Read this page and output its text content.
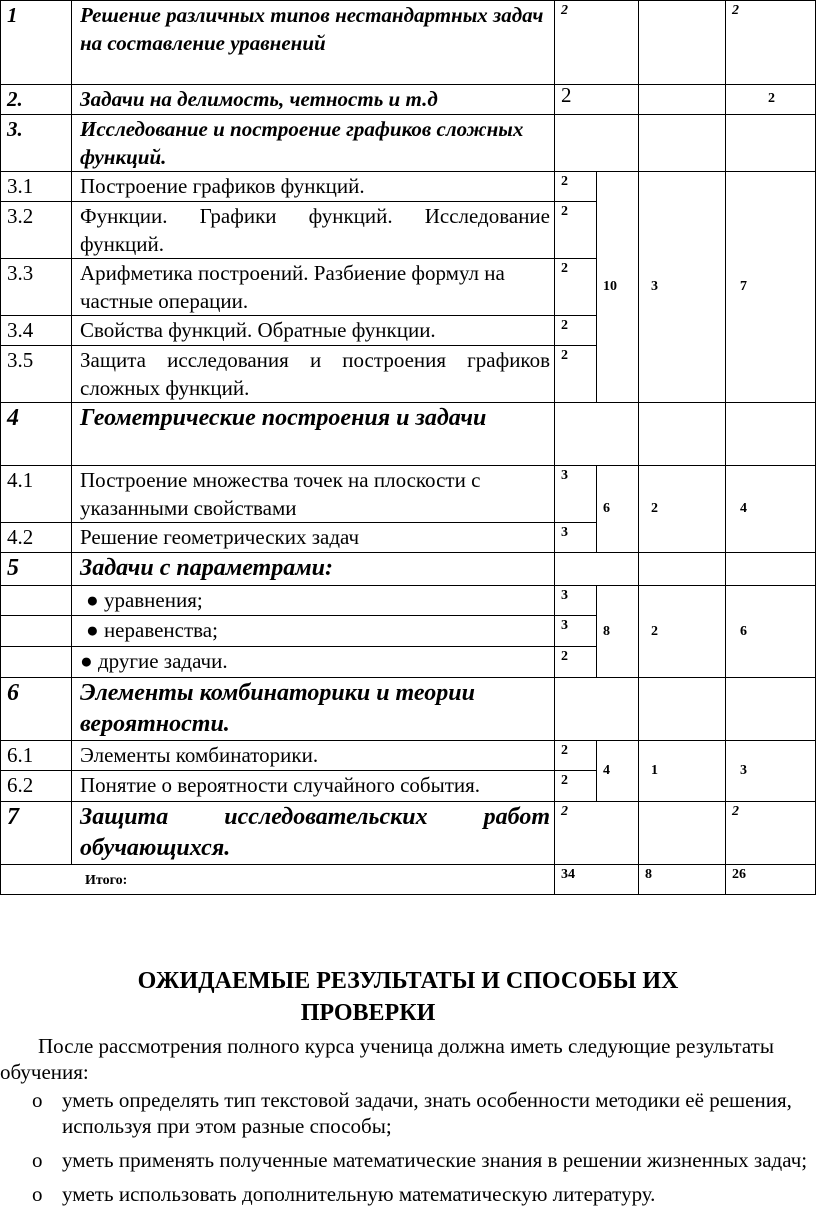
1	Решение различных типов нестандартных задач на составление уравнений	2			2
2.	Задачи на делимость, четность и т.д	2			2
3.	Исследование и построение графиков сложных функций.				
3.1	Построение графиков функций.	2	10	3	7
3.2	Функции. Графики функций. Исследование функций.	2			
3.3	Арифметика построений. Разбиение формул на частные операции.	2			
3.4	Свойства функций. Обратные функции.	2			
3.5	Защита исследования и построения графиков сложных функций.	2			
4	Геометрические построения и задачи				
4.1	Построение множества точек на плоскости с указанными свойствами	3	6	2	4
4.2	Решение геометрических задач	3			
5	Задачи с параметрами:				
	● уравнения;	3	8	2	6
	● неравенства;	3			
	● другие задачи.	2			
6	Элементы комбинаторики и теории вероятности.				
6.1	Элементы комбинаторики.	2	4	1	3
6.2	Понятие о вероятности случайного события.	2			
7	Защита исследовательских работ обучающихся.	2			2
Итого:		34		8	26
ОЖИДАЕМЫЕ РЕЗУЛЬТАТЫ И СПОСОБЫ ИХ
ПРОВЕРКИ
После рассмотрения полного курса ученица должна иметь следующие результаты обучения:
o уметь определять тип текстовой задачи, знать особенности методики её решения, используя при этом разные способы;
o уметь применять полученные математические знания в решении жизненных задач;
o уметь использовать дополнительную математическую литературу.
